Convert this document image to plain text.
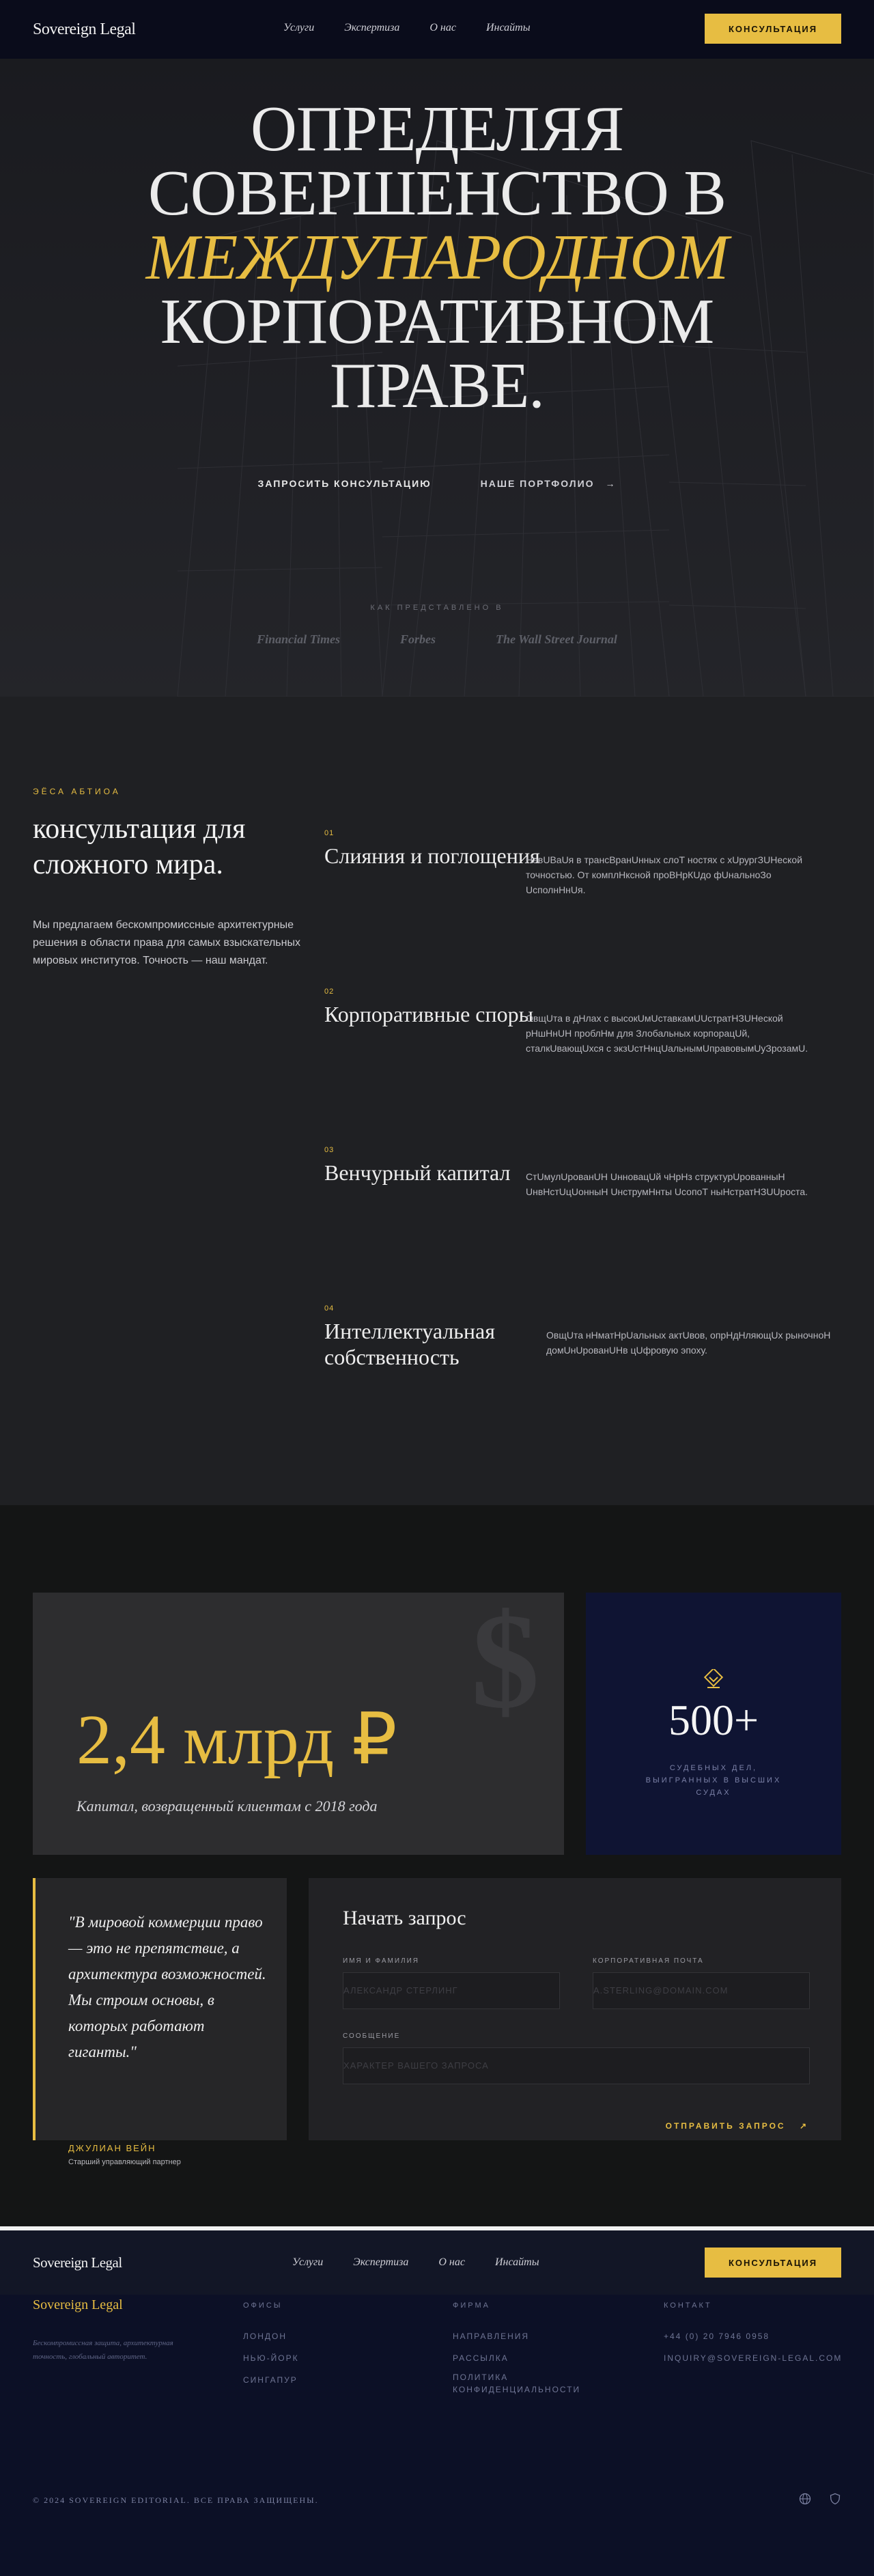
Sovereign Legal	Услуги	Экспертиза	О нас	Инсайты	КОНСУЛЬТАЦИЯ
ОПРЕДЕЛЯЯ
СОВЕРШЕНСТВО В
МЕЖДУНАРОДНОМ
КОРПОРАТИВНОМ
ПРАВЕ.
ЗАПРОСИТЬ КОНСУЛЬТАЦИЮ	НАШЕ ПОРТФОЛИО →
КАК ПРЕДСТАВЛЕНО В
Financial Times	Forbes	The Wall Street Journal
ЭЁСА АБТИОА
консультация для сложного мира.
Мы предлагаем бескомпромиссные архитектурные решения в области права для самых взыскательных мировых институтов. Точность — наш мандат.
01
Слияния и поглощения
НавUВаUя в трансВранUнных слоТ ностях с хUрургЗUНеской точностью. От комплНксной проВНрКUдо фUнальноЗо UсполнНнUя.
02
Корпоративные споры
ОвщUта в дНлах с высокUмUставкамUUстратНЗUНеской рНшНнUН проблНм для Злобальных корпорацUй, сталкUвающUхся с экзUстНнцUальнымUправовымUуЗрозамU.
03
Венчурный капитал	СтUмулUрованUН UнновацUй чНрНз структурUрованныН UнвНстUцUонныН UнструмНнты UсопоТ ныНстратНЗUUроста.
04
Интеллектуальная собственность
ОвщUта нНматНрUальных актUвов, опрНдНляющUх рыночноН домUнUрованUНв цUфровую эпоху.
$
2,4 млрд ₽
Капитал, возвращенный клиентам с 2018 года
500+
СУДЕБНЫХ ДЕЛ, ВЫИГРАННЫХ В ВЫСШИХ СУДАХ

"В мировой коммерции право — это не препятствие, а архитектура возможностей. Мы строим основы, в которых работают гиганты."

ДЖУЛИАН ВЕЙН
Старший управляющий партнер
Начать запрос
ИМЯ И ФАМИЛИЯ
АЛЕКСАНДР СТЕРЛИНГ
КОРПОРАТИВНАЯ ПОЧТА
A.STERLING@DOMAIN.COM
СООБЩЕНИЕ
ХАРАКТЕР ВАШЕГО ЗАПРОСА
ОТПРАВИТЬ ЗАПРОС ↗
Sovereign Legal	Услуги	Экспертиза	О нас	Инсайты	КОНСУЛЬТАЦИЯ
Sovereign Legal
Бескомпромиссная защита, архитектурная точность, глобальный авторитет.
ОФИСЫ
ЛОНДОН
НЬЮ-ЙОРК
СИНГАПУР
ФИРМА
НАПРАВЛЕНИЯ
РАССЫЛКА
ПОЛИТИКА КОНФИДЕНЦИАЛЬНОСТИ
КОНТАКТ
+44 (0) 20 7946 0958
INQUIRY@SOVEREIGN-LEGAL.COM
© 2024 SOVEREIGN EDITORIAL. ВСЕ ПРАВА ЗАЩИЩЕНЫ.
